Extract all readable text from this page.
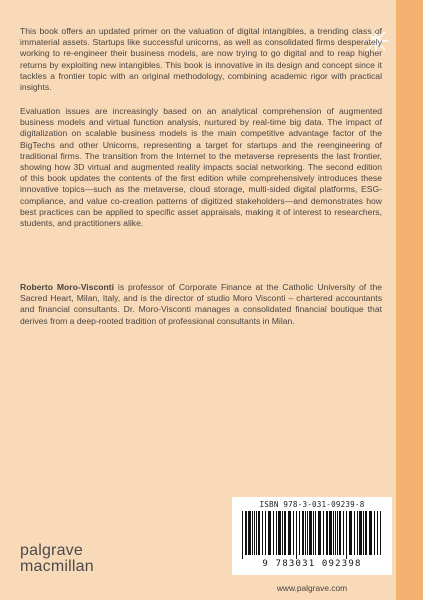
This book offers an updated primer on the valuation of digital intangibles, a trending class of immaterial assets. Startups like successful unicorns, as well as consolidated firms desperately working to re-engineer their business models, are now trying to go digital and to reap higher returns by exploiting new intangibles. This book is innovative in its design and concept since it tackles a frontier topic with an original methodology, combining academic rigor with practical insights.
Evaluation issues are increasingly based on an analytical comprehension of augmented business models and virtual function analysis, nurtured by real-time big data. The impact of digitalization on scalable business models is the main competitive advantage factor of the BigTechs and other Unicorns, representing a target for startups and the reengineering of traditional firms. The transition from the Internet to the metaverse represents the last frontier, showing how 3D virtual and augmented reality impacts social networking. The second edition of this book updates the contents of the first edition while comprehensively introduces these innovative topics—such as the metaverse, cloud storage, multi-sided digital platforms, ESG-compliance, and value co-creation patterns of digitized stakeholders—and demonstrates how best practices can be applied to specific asset appraisals, making it of interest to researchers, students, and practitioners alike.
Roberto Moro-Visconti is professor of Corporate Finance at the Catholic University of the Sacred Heart, Milan, Italy, and is the director of studio Moro Visconti – chartered accountants and financial consultants. Dr. Moro-Visconti manages a consolidated financial boutique that derives from a deep-rooted tradition of professional consultants in Milan.
ISBN 978-3-031-09239-8
9 783031 092398
palgrave
macmillan
www.palgrave.com
